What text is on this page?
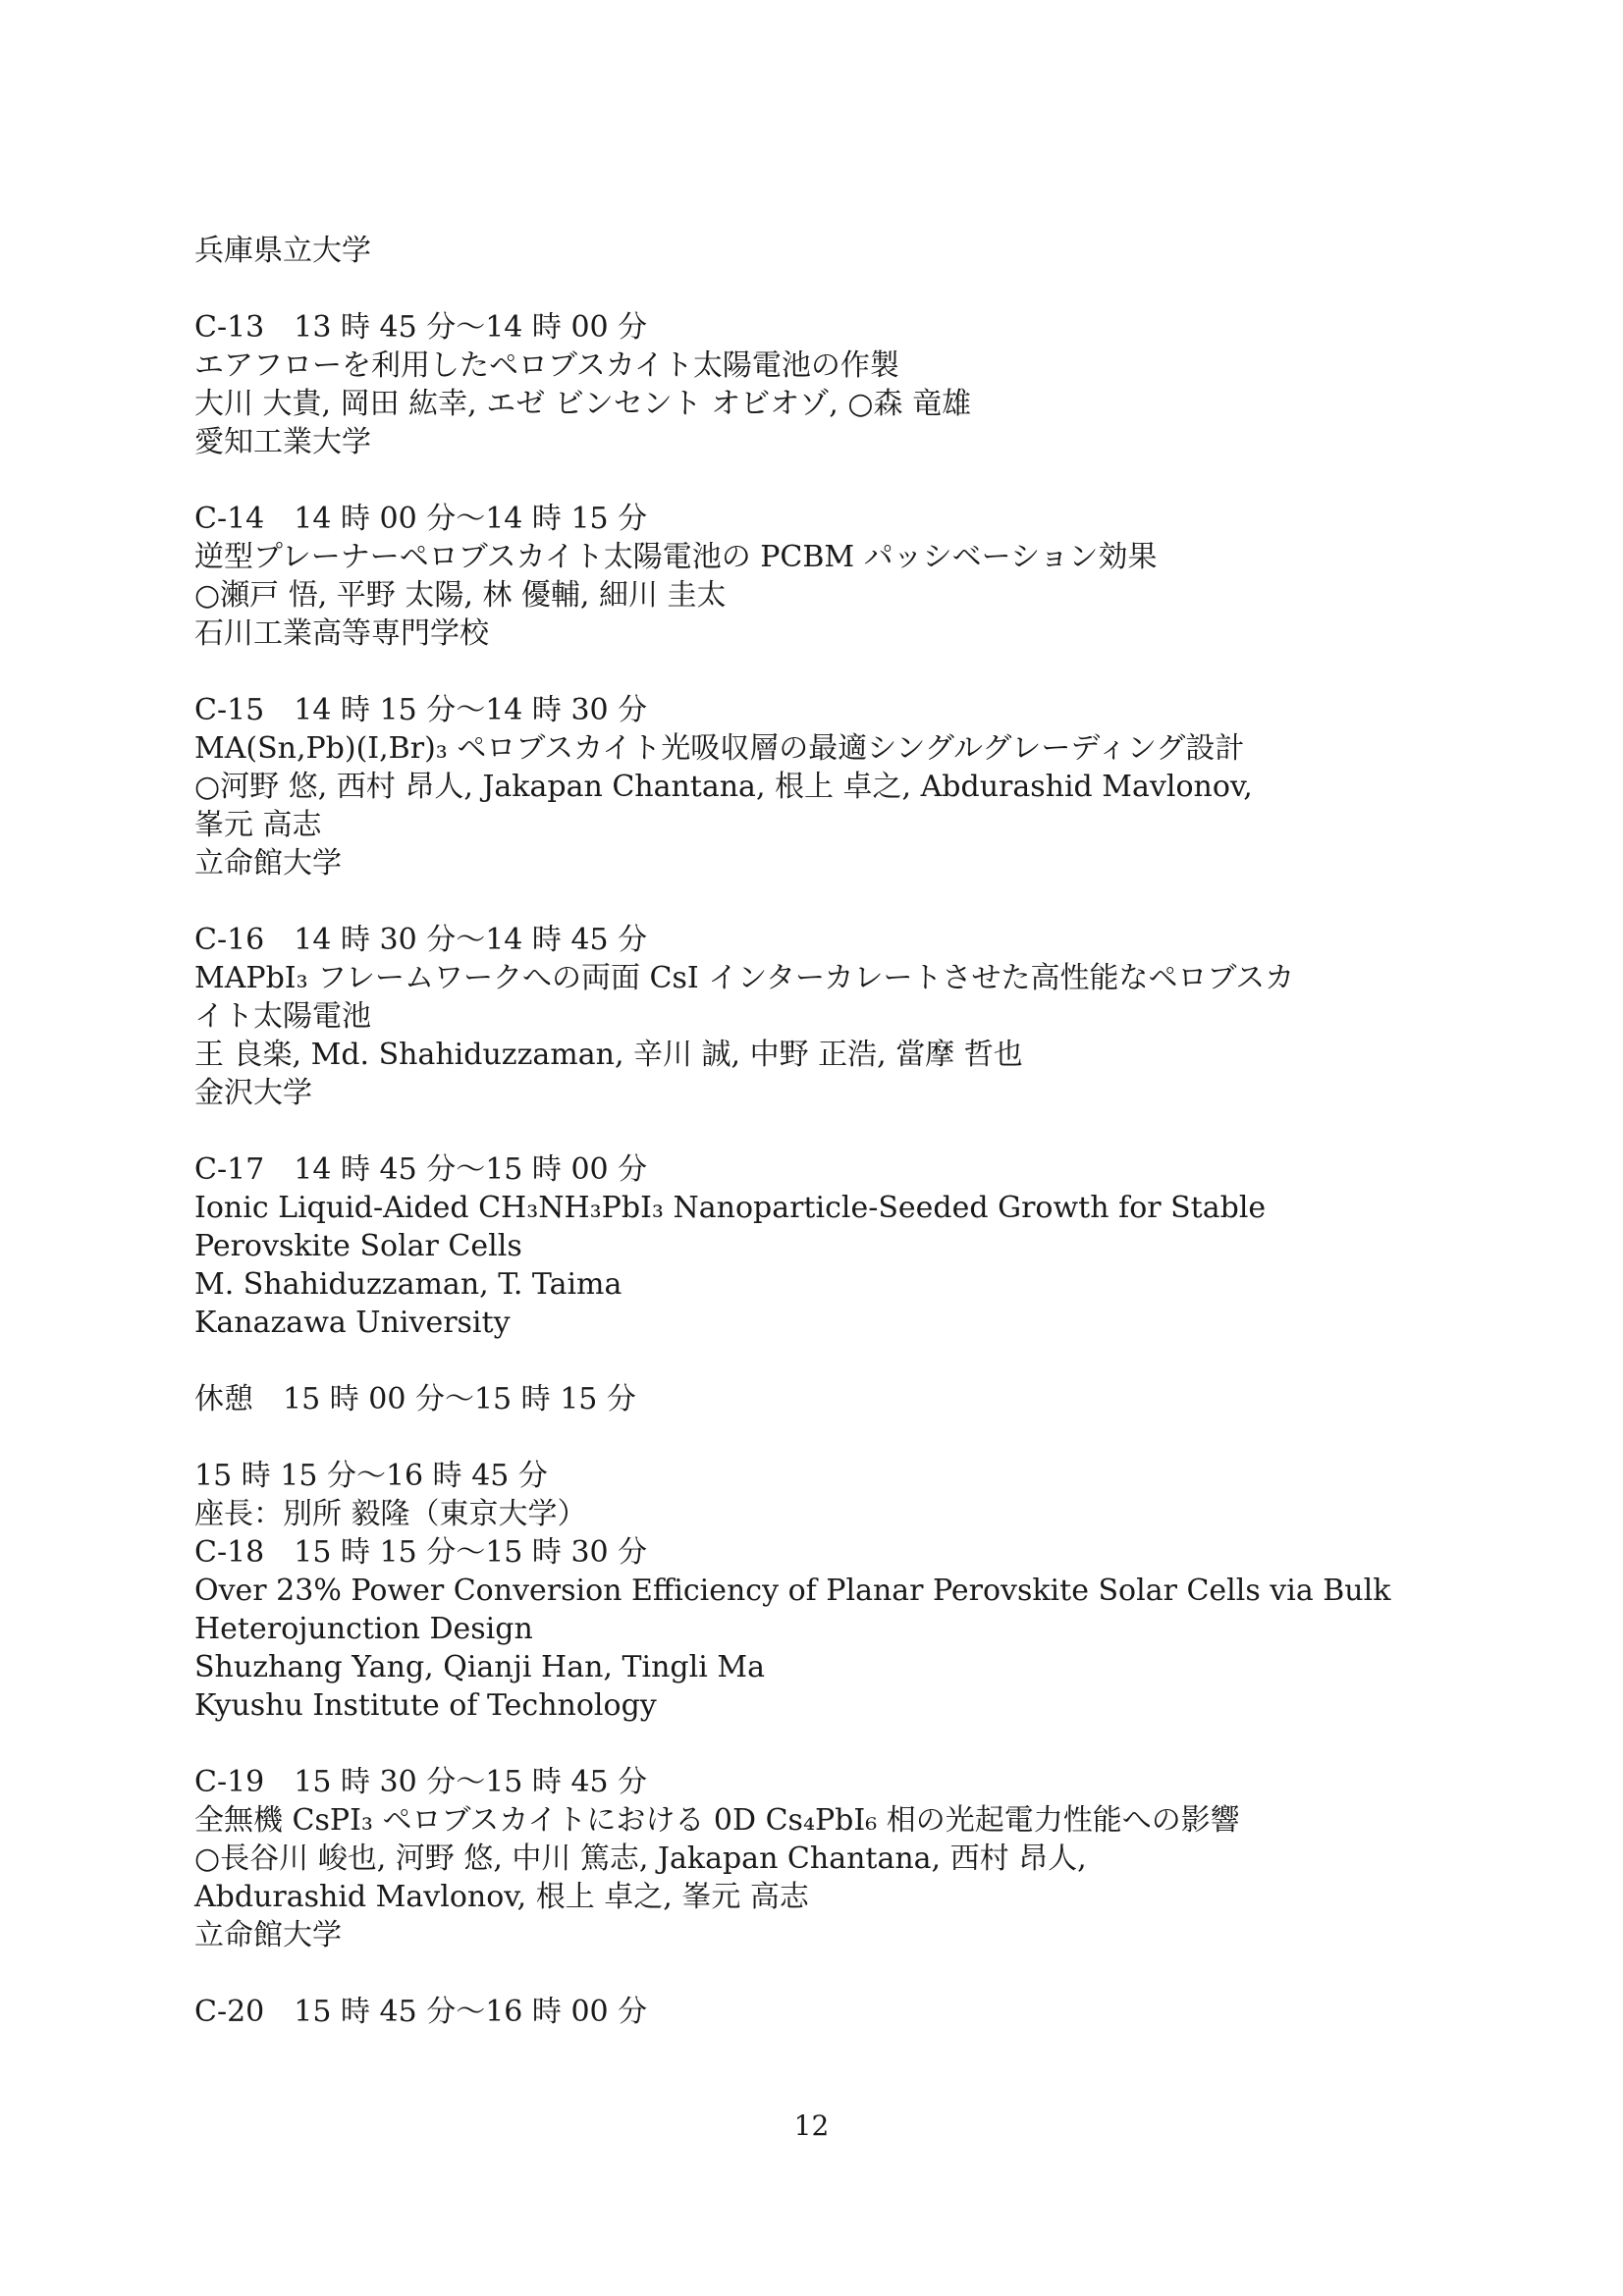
兵庫県立大学
C-13　13 時 45 分～14 時 00 分
エアフローを利用したペロブスカイト太陽電池の作製
大川 大貴, 岡田 紘幸, エゼ ビンセント オビオゾ, ○森 竜雄
愛知工業大学
C-14　14 時 00 分～14 時 15 分
逆型プレーナーペロブスカイト太陽電池の PCBM パッシベーション効果
○瀬戸 悟, 平野 太陽, 林 優輔, 細川 圭太
石川工業高等専門学校
C-15　14 時 15 分～14 時 30 分
MA(Sn,Pb)(I,Br)₃ ペロブスカイト光吸収層の最適シングルグレーディング設計
○河野 悠, 西村 昂人, Jakapan Chantana, 根上 卓之, Abdurashid Mavlonov,
峯元 高志
立命館大学
C-16　14 時 30 分～14 時 45 分
MAPbI₃ フレームワークへの両面 CsI インターカレートさせた高性能なペロブスカ
イト太陽電池
王 良楽, Md. Shahiduzzaman, 辛川 誠, 中野 正浩, 當摩 哲也
金沢大学
C-17　14 時 45 分～15 時 00 分
Ionic Liquid-Aided CH₃NH₃PbI₃ Nanoparticle-Seeded Growth for Stable
Perovskite Solar Cells
M. Shahiduzzaman, T. Taima
Kanazawa University
休憩　15 時 00 分～15 時 15 分
15 時 15 分～16 時 45 分
座長：別所 毅隆（東京大学）
C-18　15 時 15 分～15 時 30 分
Over 23% Power Conversion Efficiency of Planar Perovskite Solar Cells via Bulk
Heterojunction Design
Shuzhang Yang, Qianji Han, Tingli Ma
Kyushu Institute of Technology
C-19　15 時 30 分～15 時 45 分
全無機 CsPI₃ ペロブスカイトにおける 0D Cs₄PbI₆ 相の光起電力性能への影響
○長谷川 峻也, 河野 悠, 中川 篤志, Jakapan Chantana, 西村 昂人,
Abdurashid Mavlonov, 根上 卓之, 峯元 高志
立命館大学
C-20　15 時 45 分～16 時 00 分
12
